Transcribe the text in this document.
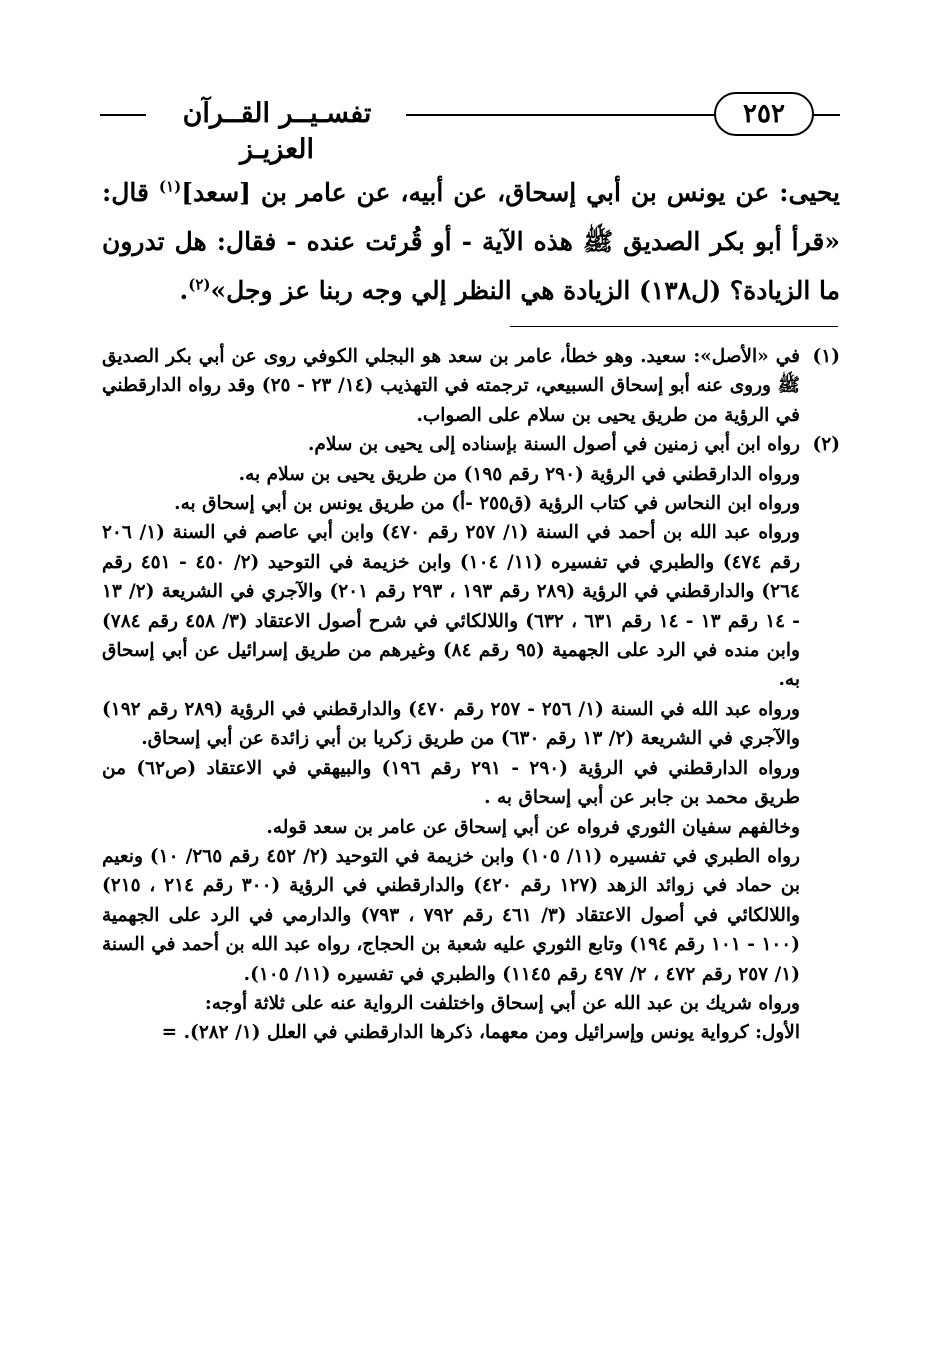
تفسـيــر القــرآن العزيـز
٢٥٢

يحيى: عن يونس بن أبي إسحاق، عن أبيه، عن عامر بن [سعد]$^{(١)}$ قال: «قرأ أبو بكر الصديق ﷺ هذه الآية - أو قُرئت عنده - فقال: هل تدرون ما الزيادة؟ (ل١٣٨) الزيادة هي النظر إلي وجه ربنا عز وجل»$^{(٢)}$.

(١)

في «الأصل»: سعيد. وهو خطأ، عامر بن سعد هو البجلي الكوفي روى عن أبي بكر الصديق ﷺ وروى عنه أبو إسحاق السبيعي، ترجمته في التهذيب (١٤/ ٢٣ - ٢٥) وقد رواه الدارقطني في الرؤية من طريق يحيى بن سلام على الصواب.

(٢)

رواه ابن أبي زمنين في أصول السنة بإسناده إلى يحيى بن سلام.

ورواه الدارقطني في الرؤية (٢٩٠ رقم ١٩٥) من طريق يحيى بن سلام به.

ورواه ابن النحاس في كتاب الرؤية (ق٢٥٥ -أ) من طريق يونس بن أبي إسحاق به.

ورواه عبد الله بن أحمد في السنة (١/ ٢٥٧ رقم ٤٧٠) وابن أبي عاصم في السنة (١/ ٢٠٦ رقم ٤٧٤) والطبري في تفسيره (١١/ ١٠٤) وابن خزيمة في التوحيد (٢/ ٤٥٠ - ٤٥١ رقم ٢٦٤) والدارقطني في الرؤية (٢٨٩ رقم ١٩٣ ، ٢٩٣ رقم ٢٠١) والآجري في الشريعة (٢/ ١٣ - ١٤ رقم ١٣ - ١٤ رقم ٦٣١ ، ٦٣٢) واللالكائي في شرح أصول الاعتقاد (٣/ ٤٥٨ رقم ٧٨٤) وابن منده في الرد على الجهمية (٩٥ رقم ٨٤) وغيرهم من طريق إسرائيل عن أبي إسحاق به.

ورواه عبد الله في السنة (١/ ٢٥٦ - ٢٥٧ رقم ٤٧٠) والدارقطني في الرؤية (٢٨٩ رقم ١٩٢) والآجري في الشريعة (٢/ ١٣ رقم ٦٣٠) من طريق زكريا بن أبي زائدة عن أبي إسحاق.

ورواه الدارقطني في الرؤية (٢٩٠ - ٢٩١ رقم ١٩٦) والبيهقي في الاعتقاد (ص٦٢) من طريق محمد بن جابر عن أبي إسحاق به .

وخالفهم سفيان الثوري فرواه عن أبي إسحاق عن عامر بن سعد قوله.

رواه الطبري في تفسيره (١١/ ١٠٥) وابن خزيمة في التوحيد (٢/ ٤٥٢ رقم ٢٦٥/ ١٠) ونعيم بن حماد في زوائد الزهد (١٢٧ رقم ٤٢٠) والدارقطني في الرؤية (٣٠٠ رقم ٢١٤ ، ٢١٥) واللالكائي في أصول الاعتقاد (٣/ ٤٦١ رقم ٧٩٢ ، ٧٩٣) والدارمي في الرد على الجهمية (١٠٠ - ١٠١ رقم ١٩٤) وتابع الثوري عليه شعبة بن الحجاج، رواه عبد الله بن أحمد في السنة (١/ ٢٥٧ رقم ٤٧٢ ، ٢/ ٤٩٧ رقم ١١٤٥) والطبري في تفسيره (١١/ ١٠٥).

ورواه شريك بن عبد الله عن أبي إسحاق واختلفت الرواية عنه على ثلاثة أوجه:

الأول: كرواية يونس وإسرائيل ومن معهما، ذكرها الدارقطني في العلل (١/ ٢٨٢). =
